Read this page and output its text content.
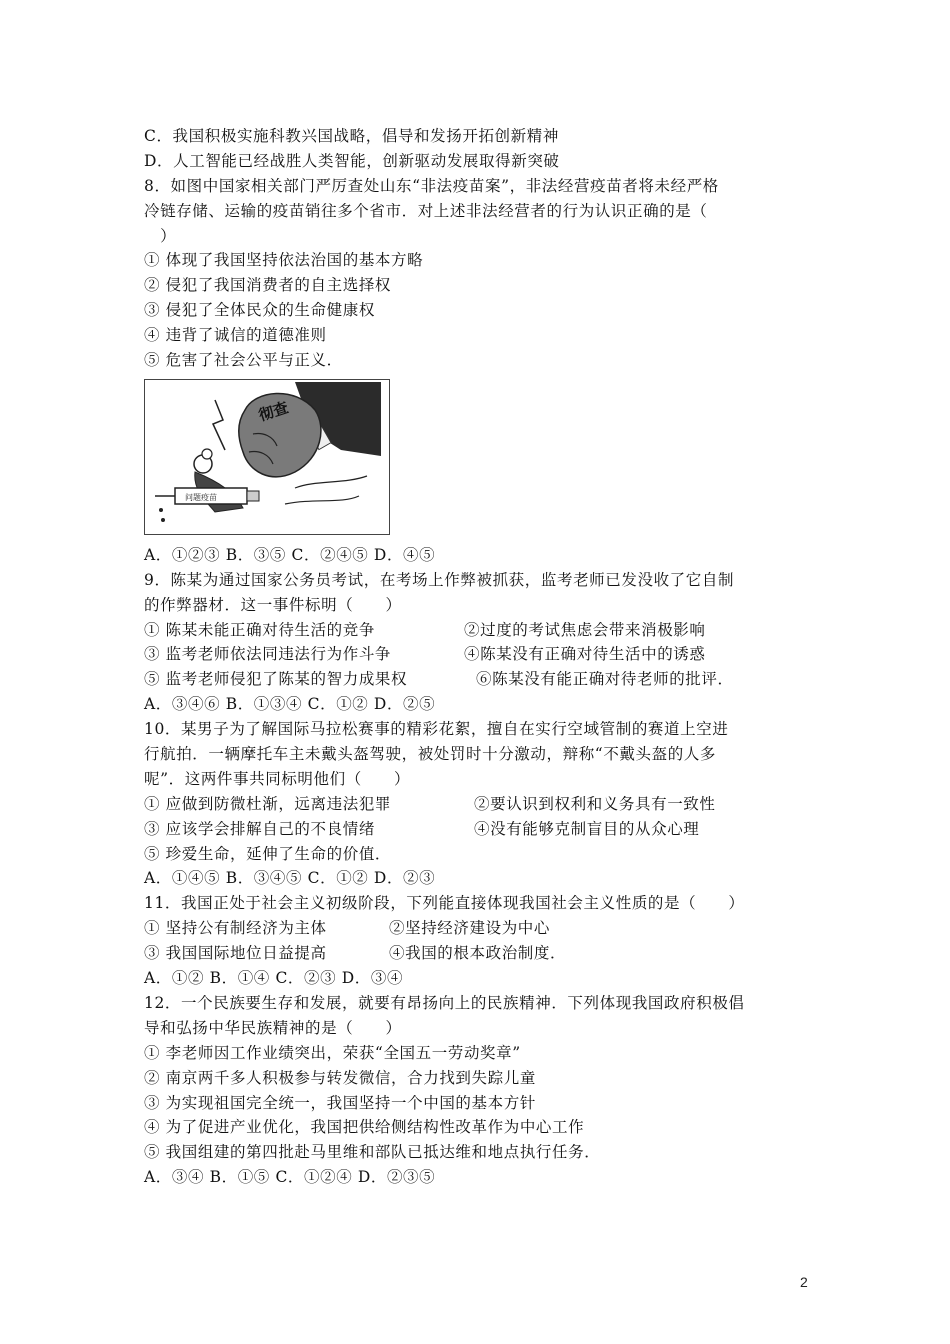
C．我国积极实施科教兴国战略，倡导和发扬开拓创新精神
D．人工智能已经战胜人类智能，创新驱动发展取得新突破
8．如图中国家相关部门严厉查处山东“非法疫苗案”，非法经营疫苗者将未经严格
冷链存储、运输的疫苗销往多个省市．对上述非法经营者的行为认识正确的是（
　）
① 体现了我国坚持依法治国的基本方略
② 侵犯了我国消费者的自主选择权
③ 侵犯了全体民众的生命健康权
④ 违背了诚信的道德准则
⑤ 危害了社会公平与正义．
彻查
问题疫苗
A．①②③ B．③⑤ C．②④⑤ D．④⑤
9．陈某为通过国家公务员考试，在考场上作弊被抓获，监考老师已发没收了它自制
的作弊器材．这一事件标明（　　）
① 陈某未能正确对待生活的竞争	②过度的考试焦虑会带来消极影响
③ 监考老师依法同违法行为作斗争	④陈某没有正确对待生活中的诱惑
⑤ 监考老师侵犯了陈某的智力成果权	⑥陈某没有能正确对待老师的批评．
A．③④⑥ B．①③④ C．①② D．②⑤
10．某男子为了解国际马拉松赛事的精彩花絮，擅自在实行空域管制的赛道上空进
行航拍．一辆摩托车主未戴头盔驾驶，被处罚时十分激动，辩称“不戴头盔的人多
呢”．这两件事共同标明他们（　　）
① 应做到防微杜渐，远离违法犯罪	②要认识到权利和义务具有一致性
③ 应该学会排解自己的不良情绪	④没有能够克制盲目的从众心理
⑤ 珍爱生命，延伸了生命的价值．
A．①④⑤ B．③④⑤ C．①② D．②③
11．我国正处于社会主义初级阶段，下列能直接体现我国社会主义性质的是（　　）
① 坚持公有制经济为主体	②坚持经济建设为中心
③ 我国国际地位日益提高	④我国的根本政治制度．
A．①② B．①④ C．②③ D．③④
12．一个民族要生存和发展，就要有昂扬向上的民族精神．下列体现我国政府积极倡
导和弘扬中华民族精神的是（　　）
① 李老师因工作业绩突出，荣获“全国五一劳动奖章”
② 南京两千多人积极参与转发微信，合力找到失踪儿童
③ 为实现祖国完全统一，我国坚持一个中国的基本方针
④ 为了促进产业优化，我国把供给侧结构性改革作为中心工作
⑤ 我国组建的第四批赴马里维和部队已抵达维和地点执行任务．
A．③④ B．①⑤ C．①②④ D．②③⑤
2
